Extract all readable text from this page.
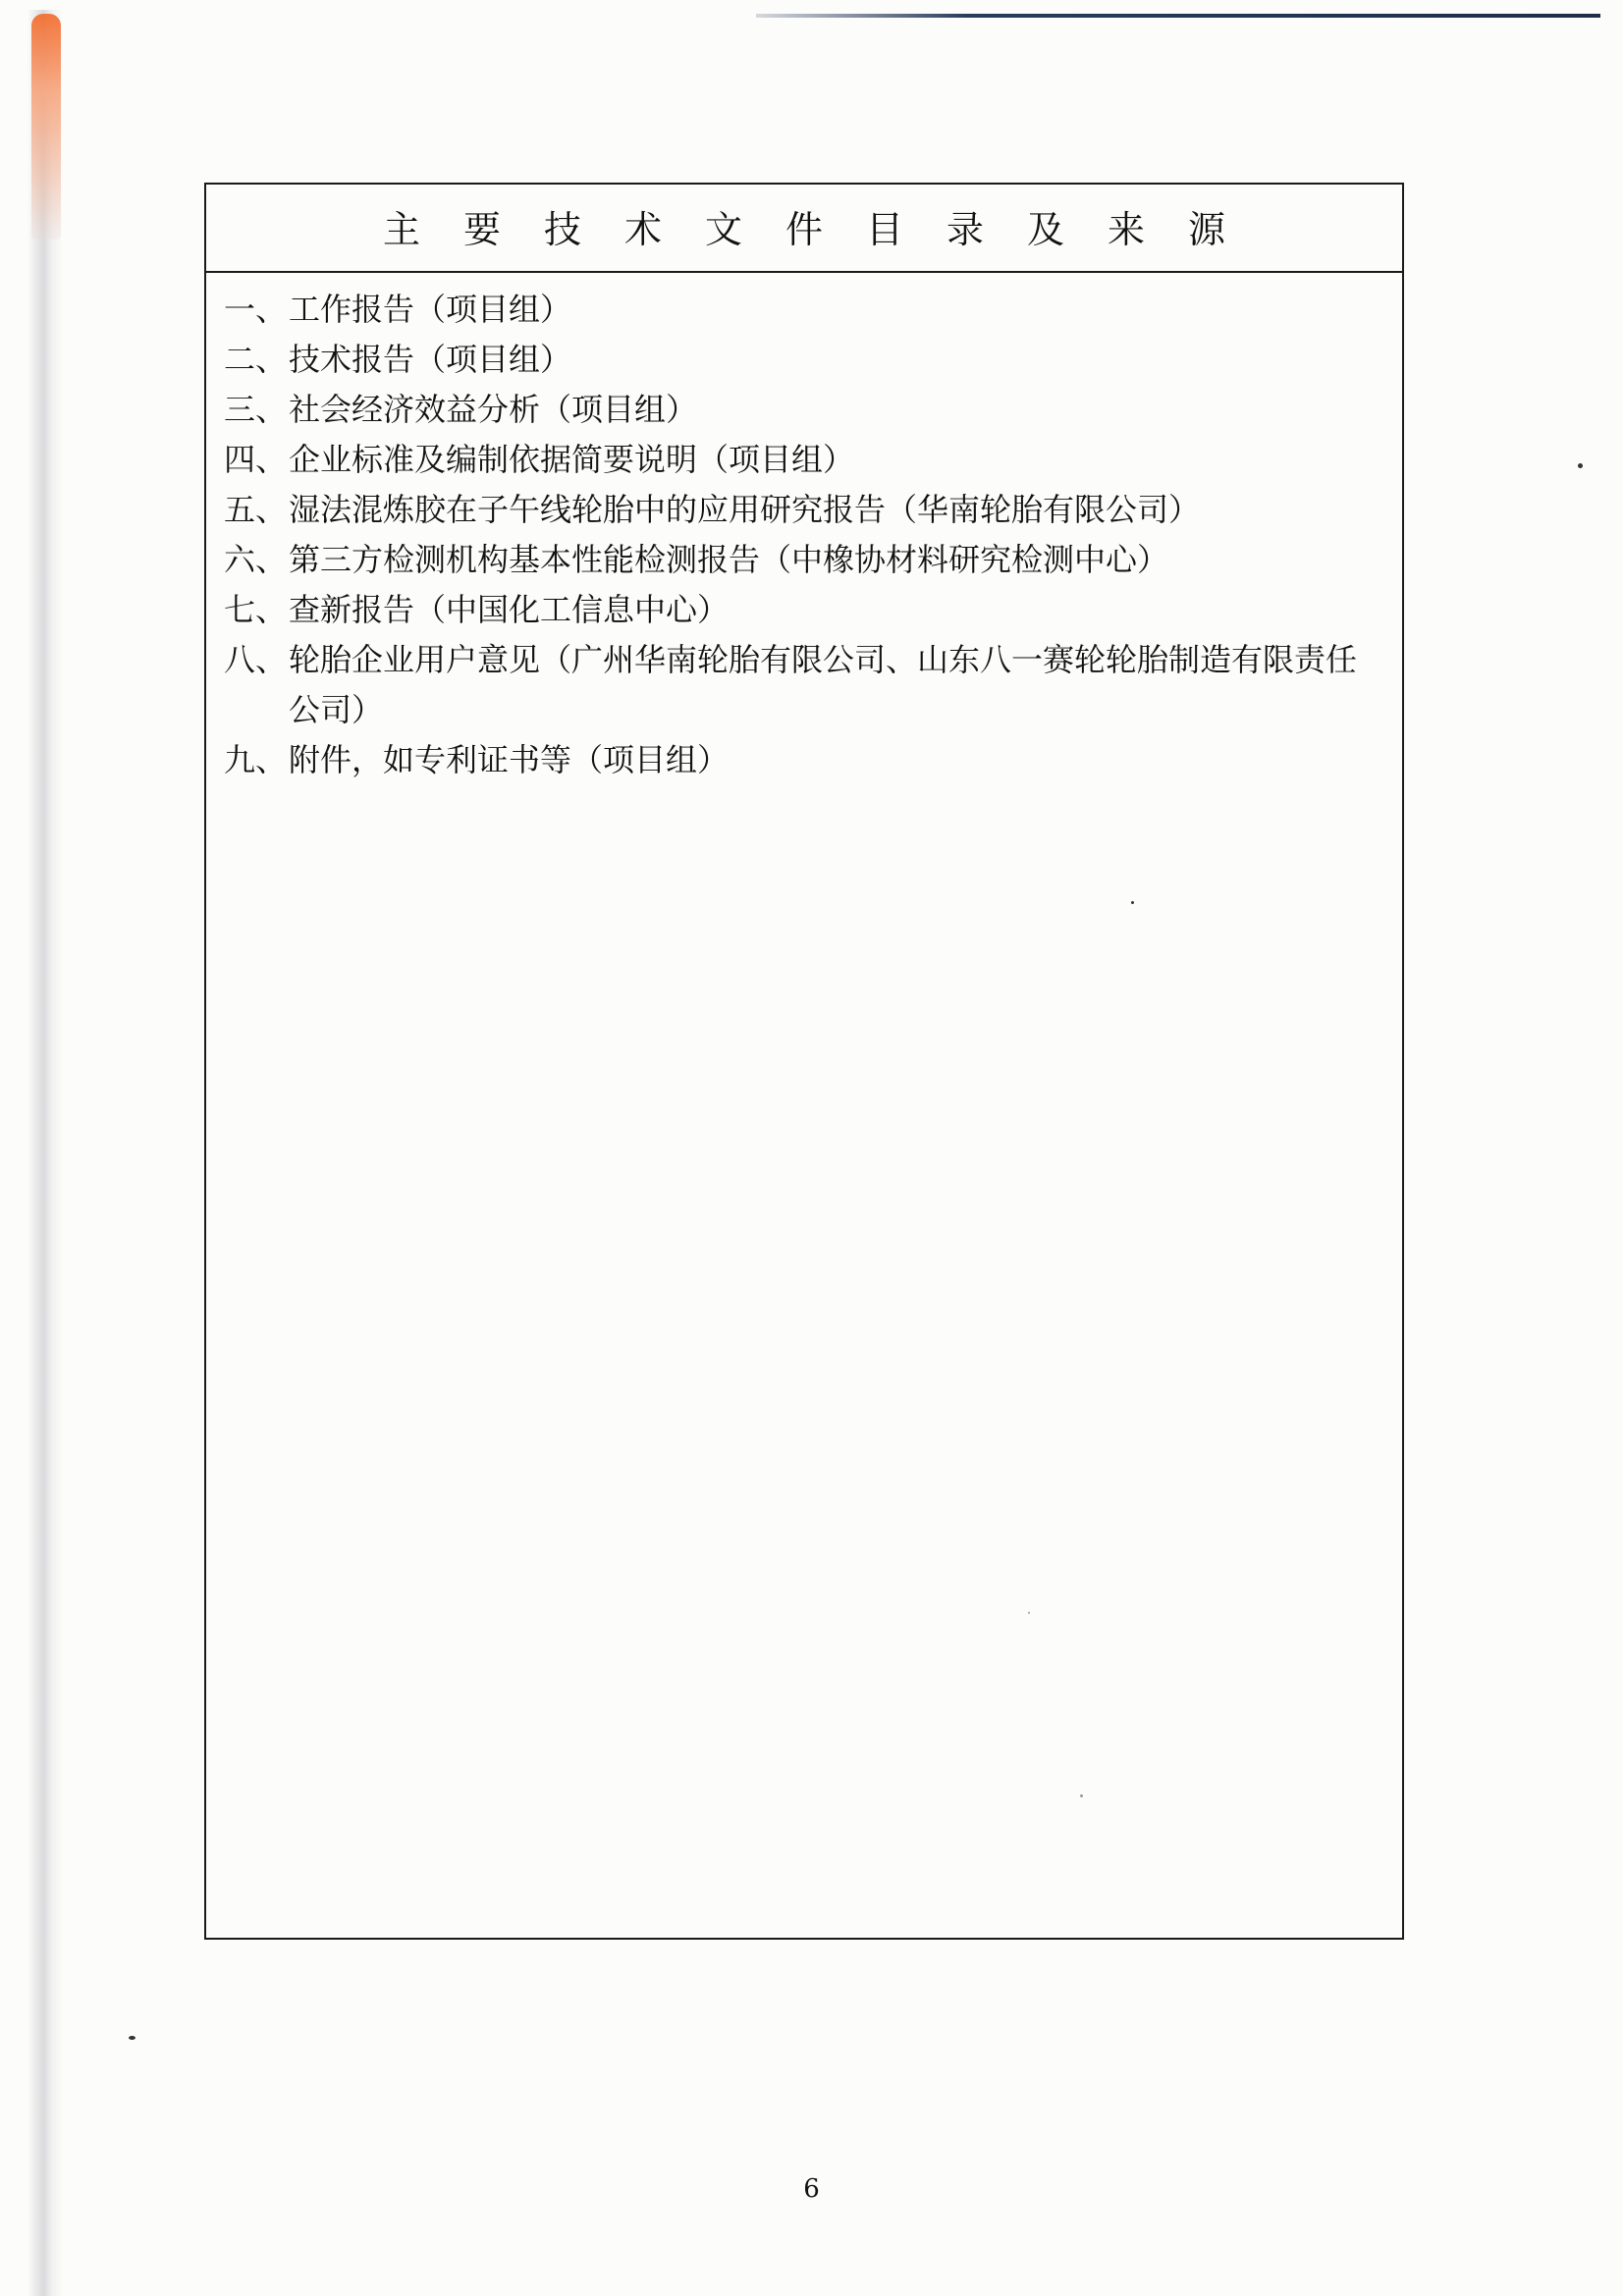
主要技术文件目录及来源
一、 工作报告（项目组）
二、 技术报告（项目组）
三、 社会经济效益分析（项目组）
四、 企业标准及编制依据简要说明（项目组）
五、 湿法混炼胶在子午线轮胎中的应用研究报告（华南轮胎有限公司）
六、 第三方检测机构基本性能检测报告（中橡协材料研究检测中心）
七、 查新报告（中国化工信息中心）
八、 轮胎企业用户意见（广州华南轮胎有限公司、山东八一赛轮轮胎制造有限责任公司）
九、 附件，如专利证书等（项目组）
6
